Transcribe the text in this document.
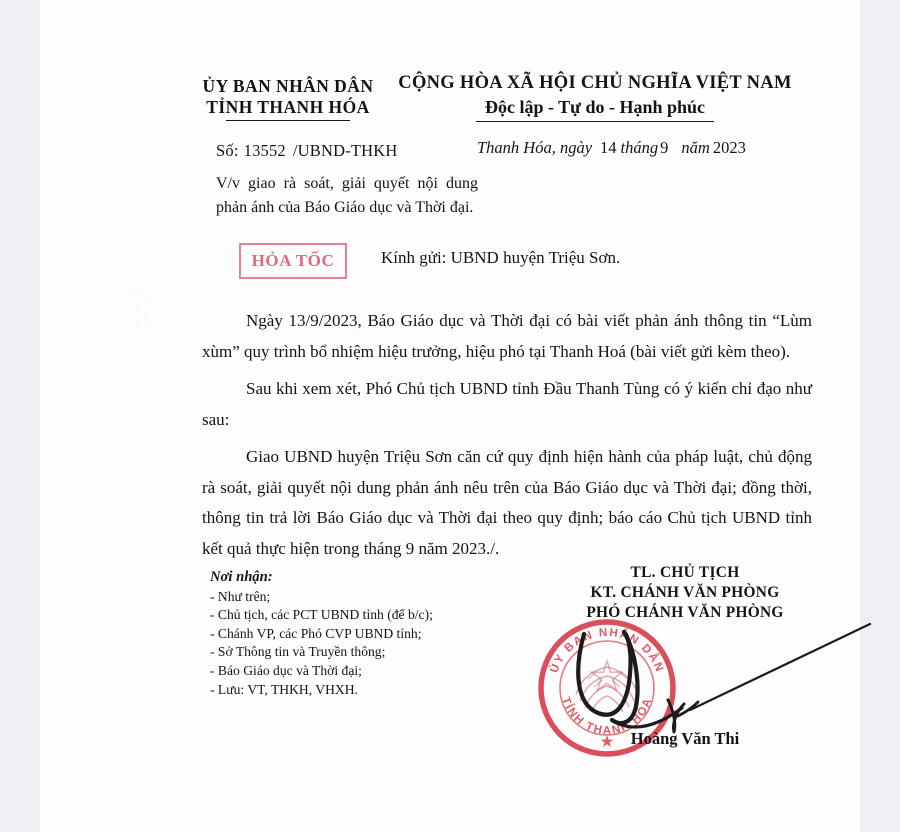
ỦY BAN NHÂN DÂN
TỈNH THANH HÓA
CỘNG HÒA XÃ HỘI CHỦ NGHĨA VIỆT NAM
Độc lập - Tự do - Hạnh phúc
Số: 13552 /UBND-THKH	Thanh Hóa, ngày 14 tháng 9 năm 2023
V/v giao rà soát, giải quyết nội dung phản ánh của Báo Giáo dục và Thời đại.
HỎA TỐC	Kính gửi: UBND huyện Triệu Sơn.
Ngày 13/9/2023, Báo Giáo dục và Thời đại có bài viết phản ánh thông tin “Lùm xùm” quy trình bổ nhiệm hiệu trưởng, hiệu phó tại Thanh Hoá (bài viết gửi kèm theo).
Sau khi xem xét, Phó Chủ tịch UBND tỉnh Đầu Thanh Tùng có ý kiến chỉ đạo như sau:
Giao UBND huyện Triệu Sơn căn cứ quy định hiện hành của pháp luật, chủ động rà soát, giải quyết nội dung phản ánh nêu trên của Báo Giáo dục và Thời đại; đồng thời, thông tin trả lời Báo Giáo dục và Thời đại theo quy định; báo cáo Chủ tịch UBND tỉnh kết quả thực hiện trong tháng 9 năm 2023./.
Nơi nhận:
- Như trên;
- Chủ tịch, các PCT UBND tỉnh (để b/c);
- Chánh VP, các Phó CVP UBND tỉnh;
- Sở Thông tin và Truyền thông;
- Báo Giáo dục và Thời đại;
- Lưu: VT, THKH, VHXH.
TL. CHỦ TỊCH
KT. CHÁNH VĂN PHÒNG
PHÓ CHÁNH VĂN PHÒNG
ỦY BAN NHÂN DÂN
TỈNH THANH HÓA
Hoàng Văn Thi
